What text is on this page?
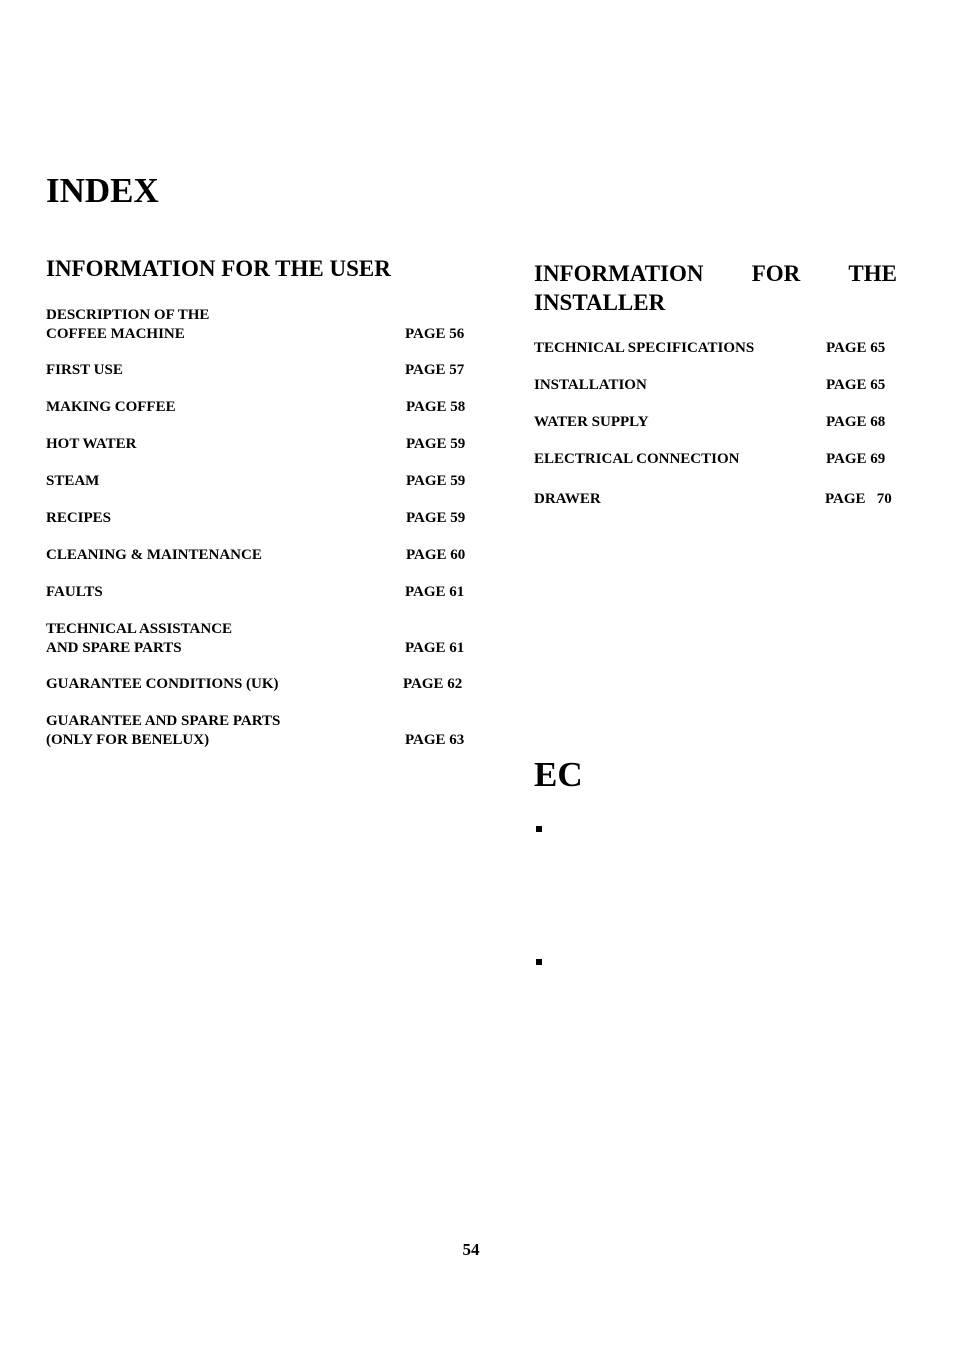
INDEX
INFORMATION FOR THE USER
DESCRIPTION OF THE
COFFEE MACHINE	PAGE 56
FIRST USE	PAGE 57
MAKING COFFEE	PAGE 58
HOT WATER	PAGE 59
STEAM	PAGE 59
RECIPES	PAGE 59
CLEANING & MAINTENANCE	PAGE 60
FAULTS	PAGE 61
TECHNICAL ASSISTANCE
AND SPARE PARTS	PAGE 61
GUARANTEE CONDITIONS (UK)	PAGE 62
GUARANTEE AND SPARE PARTS
(ONLY FOR BENELUX)	PAGE 63
INFORMATION FOR THE
INSTALLER
TECHNICAL SPECIFICATIONS	PAGE 65
INSTALLATION	PAGE 65
WATER SUPPLY	PAGE 68
ELECTRICAL CONNECTION	PAGE 69
DRAWER	PAGE   70
EC
54
